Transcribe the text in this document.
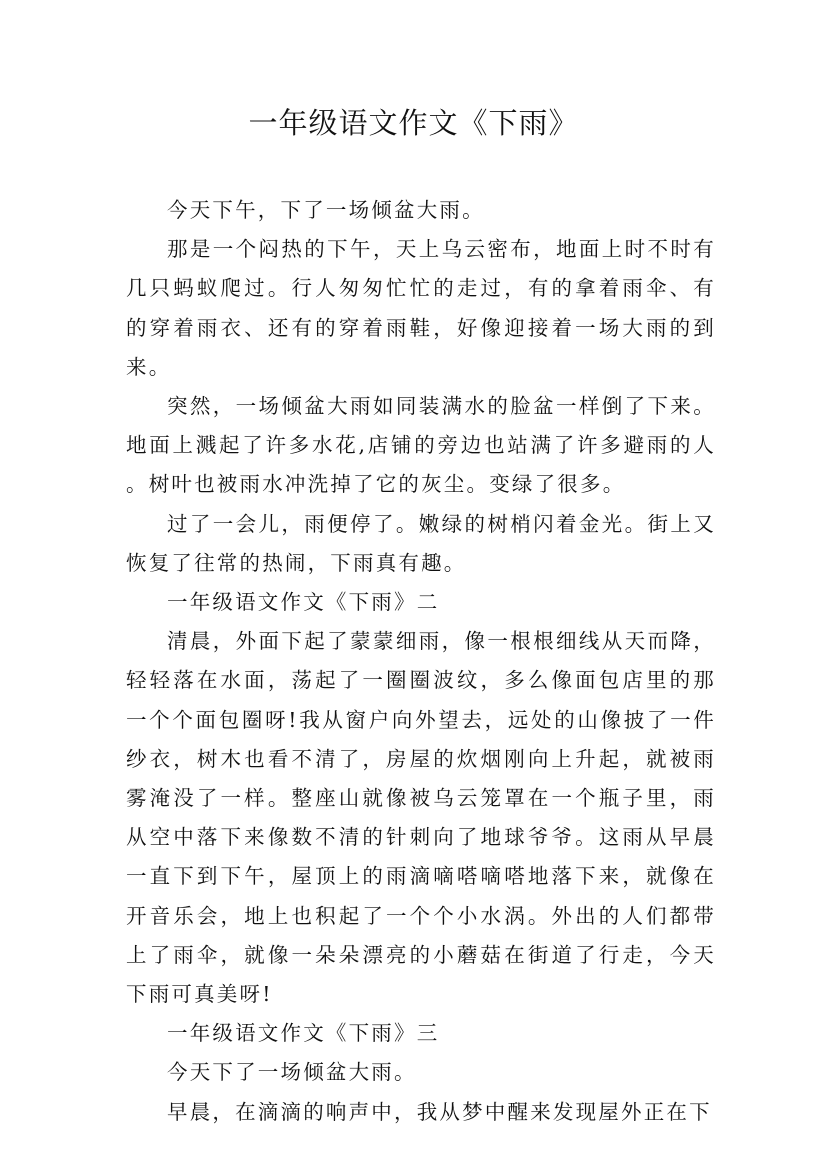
一年级语文作文《下雨》

今天下午，下了一场倾盆大雨。

那是一个闷热的下午，天上乌云密布，地面上时不时有几只蚂蚁爬过。行人匆匆忙忙的走过，有的拿着雨伞、有的穿着雨衣、还有的穿着雨鞋，好像迎接着一场大雨的到来。

突然，一场倾盆大雨如同装满水的脸盆一样倒了下来。地面上溅起了许多水花,店铺的旁边也站满了许多避雨的人。树叶也被雨水冲洗掉了它的灰尘。变绿了很多。

过了一会儿，雨便停了。嫩绿的树梢闪着金光。街上又恢复了往常的热闹，下雨真有趣。

一年级语文作文《下雨》二

清晨，外面下起了蒙蒙细雨，像一根根细线从天而降，轻轻落在水面，荡起了一圈圈波纹，多么像面包店里的那一个个面包圈呀!我从窗户向外望去，远处的山像披了一件纱衣，树木也看不清了，房屋的炊烟刚向上升起，就被雨雾淹没了一样。整座山就像被乌云笼罩在一个瓶子里，雨从空中落下来像数不清的针刺向了地球爷爷。这雨从早晨一直下到下午，屋顶上的雨滴嘀嗒嘀嗒地落下来，就像在开音乐会，地上也积起了一个个小水涡。外出的人们都带上了雨伞，就像一朵朵漂亮的小蘑菇在街道了行走，今天下雨可真美呀!

一年级语文作文《下雨》三

今天下了一场倾盆大雨。

早晨，在滴滴的响声中，我从梦中醒来发现屋外正在下
